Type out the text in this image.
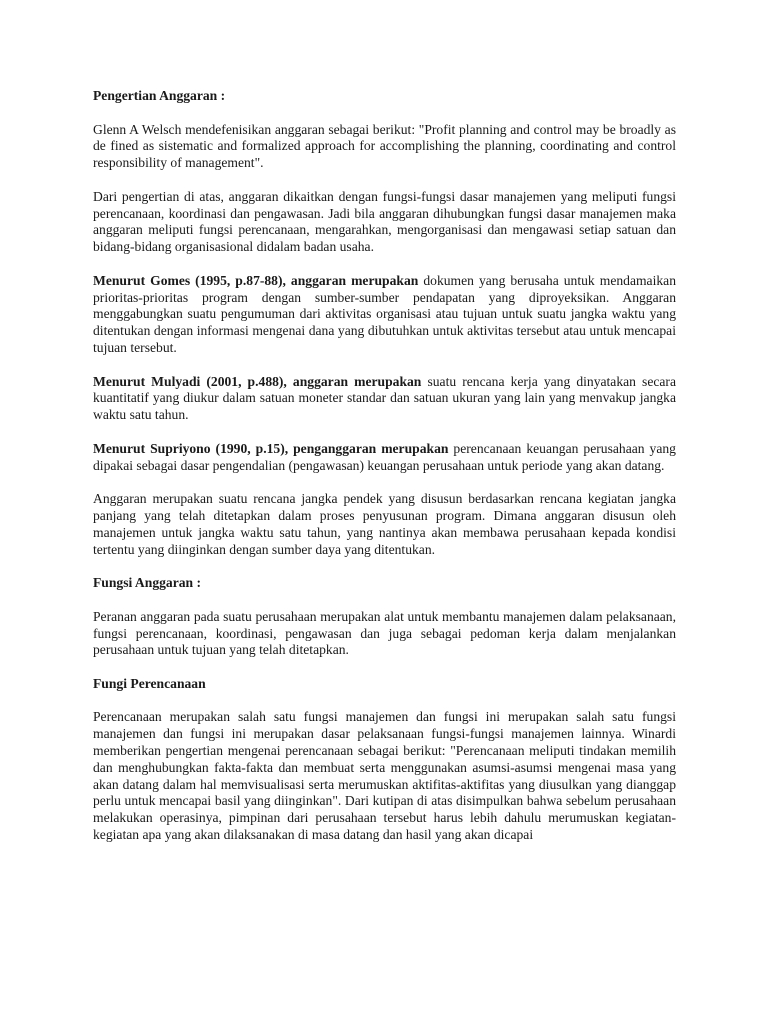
Pengertian Anggaran :

Glenn A Welsch mendefenisikan anggaran sebagai berikut: "Profit planning and control may be broadly as de fined as sistematic and formalized approach for accomplishing the planning, coordinating and control responsibility of management".

Dari pengertian di atas, anggaran dikaitkan dengan fungsi-fungsi dasar manajemen yang meliputi fungsi perencanaan, koordinasi dan pengawasan. Jadi bila anggaran dihubungkan fungsi dasar manajemen maka anggaran meliputi fungsi perencanaan, mengarahkan, mengorganisasi dan mengawasi setiap satuan dan bidang-bidang organisasional didalam badan usaha.

Menurut Gomes (1995, p.87-88), anggaran merupakan dokumen yang berusaha untuk mendamaikan prioritas-prioritas program dengan sumber-sumber pendapatan yang diproyeksikan. Anggaran menggabungkan suatu pengumuman dari aktivitas organisasi atau tujuan untuk suatu jangka waktu yang ditentukan dengan informasi mengenai dana yang dibutuhkan untuk aktivitas tersebut atau untuk mencapai tujuan tersebut.

Menurut Mulyadi (2001, p.488), anggaran merupakan suatu rencana kerja yang dinyatakan secara kuantitatif yang diukur dalam satuan moneter standar dan satuan ukuran yang lain yang menvakup jangka waktu satu tahun.

Menurut Supriyono (1990, p.15), penganggaran merupakan perencanaan keuangan perusahaan yang dipakai sebagai dasar pengendalian (pengawasan) keuangan perusahaan untuk periode yang akan datang.

Anggaran merupakan suatu rencana jangka pendek yang disusun berdasarkan rencana kegiatan jangka panjang yang telah ditetapkan dalam proses penyusunan program. Dimana anggaran disusun oleh manajemen untuk jangka waktu satu tahun, yang nantinya akan membawa perusahaan kepada kondisi tertentu yang diinginkan dengan sumber daya yang ditentukan.

Fungsi Anggaran :

Peranan anggaran pada suatu perusahaan merupakan alat untuk membantu manajemen dalam pelaksanaan, fungsi perencanaan, koordinasi, pengawasan dan juga sebagai pedoman kerja dalam menjalankan perusahaan untuk tujuan yang telah ditetapkan.

Fungi Perencanaan

Perencanaan merupakan salah satu fungsi manajemen dan fungsi ini merupakan salah satu fungsi manajemen dan fungsi ini merupakan dasar pelaksanaan fungsi-fungsi manajemen lainnya. Winardi memberikan pengertian mengenai perencanaan sebagai berikut: "Perencanaan meliputi tindakan memilih dan menghubungkan fakta-fakta dan membuat serta menggunakan asumsi-asumsi mengenai masa yang akan datang dalam hal memvisualisasi serta merumuskan aktifitas-aktifitas yang diusulkan yang dianggap perlu untuk mencapai basil yang diinginkan". Dari kutipan di atas disimpulkan bahwa sebelum perusahaan melakukan operasinya, pimpinan dari perusahaan tersebut harus lebih dahulu merumuskan kegiatan-kegiatan apa yang akan dilaksanakan di masa datang dan hasil yang akan dicapai
